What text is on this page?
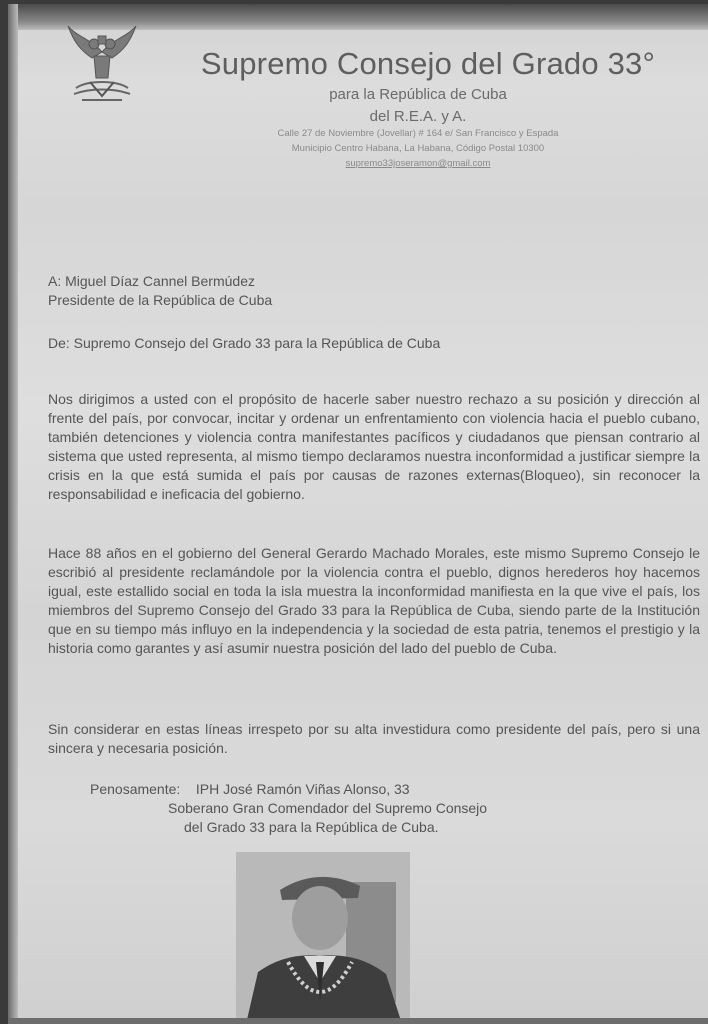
Supremo Consejo del Grado 33°

para la República de Cuba

del R.E.A. y A.

Calle 27 de Noviembre (Jovellar) # 164 e/ San Francisco y Espada

Municipio Centro Habana, La Habana, Código Postal 10300

supremo33joseramon@gmail.com

A: Miguel Díaz Cannel Bermúdez

Presidente de la República de Cuba

De: Supremo Consejo del Grado 33 para la República de Cuba

Nos dirigimos a usted con el propósito de hacerle saber nuestro rechazo a su posición y dirección al frente del país, por convocar, incitar y ordenar un enfrentamiento con violencia hacia el pueblo cubano, también detenciones y violencia contra manifestantes pacíficos y ciudadanos que piensan contrario al sistema que usted representa, al mismo tiempo declaramos nuestra inconformidad a justificar siempre la crisis en la que está sumida el país por causas de razones externas(Bloqueo), sin reconocer la responsabilidad e ineficacia del gobierno.

Hace 88 años en el gobierno del General Gerardo Machado Morales, este mismo Supremo Consejo le escribió al presidente reclamándole por la violencia contra el pueblo, dignos herederos hoy hacemos igual, este estallido social en toda la isla muestra la inconformidad manifiesta en la que vive el país, los miembros del Supremo Consejo del Grado 33 para la República de Cuba, siendo parte de la Institución que en su tiempo más influyo en la independencia y la sociedad de esta patria, tenemos el prestigio y la historia como garantes y así asumir nuestra posición del lado del pueblo de Cuba.

Sin considerar en estas líneas irrespeto por su alta investidura como presidente del país, pero si una sincera y necesaria posición.

Penosamente:    IPH José Ramón Viñas Alonso, 33

Soberano Gran Comendador del Supremo Consejo

del Grado 33 para la República de Cuba.
